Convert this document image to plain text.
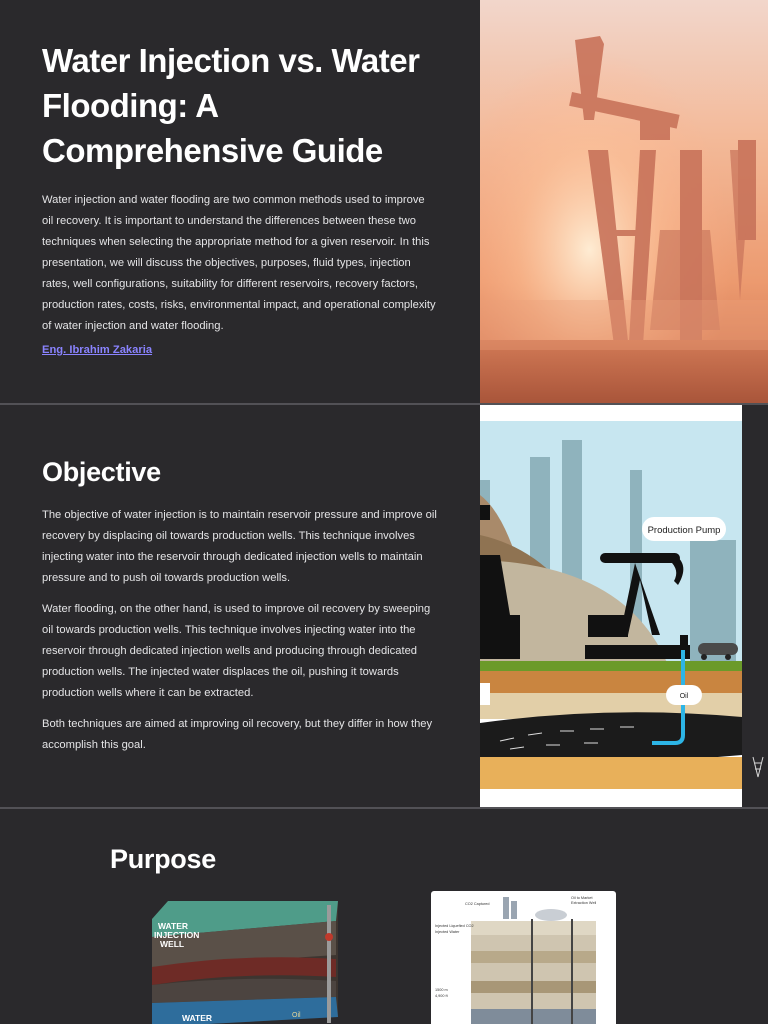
Water Injection vs. Water Flooding: A Comprehensive Guide

Water injection and water flooding are two common methods used to improve oil recovery. It is important to understand the differences between these two techniques when selecting the appropriate method for a given reservoir. In this presentation, we will discuss the objectives, purposes, fluid types, injection rates, well configurations, suitability for different reservoirs, recovery factors, production rates, costs, risks, environmental impact, and operational complexity of water injection and water flooding.

Eng. Ibrahim Zakaria
Objective

The objective of water injection is to maintain reservoir pressure and improve oil recovery by displacing oil towards production wells. This technique involves injecting water into the reservoir through dedicated injection wells to maintain pressure and to push oil towards production wells.

Water flooding, on the other hand, is used to improve oil recovery by sweeping oil towards production wells. This technique involves injecting water into the reservoir through dedicated injection wells and producing through dedicated production wells. The injected water displaces the oil, pushing it towards production wells where it can be extracted.

Both techniques are aimed at improving oil recovery, but they differ in how they accomplish this goal.

Production Pump
Oil
Purpose
WATER
INJECTION
WELL
WATER	Oil
CO2 Captured
Oil to Market
Extraction Well
Injected Liquefied CO2
Injected Water
1500 m
4,900 ft
